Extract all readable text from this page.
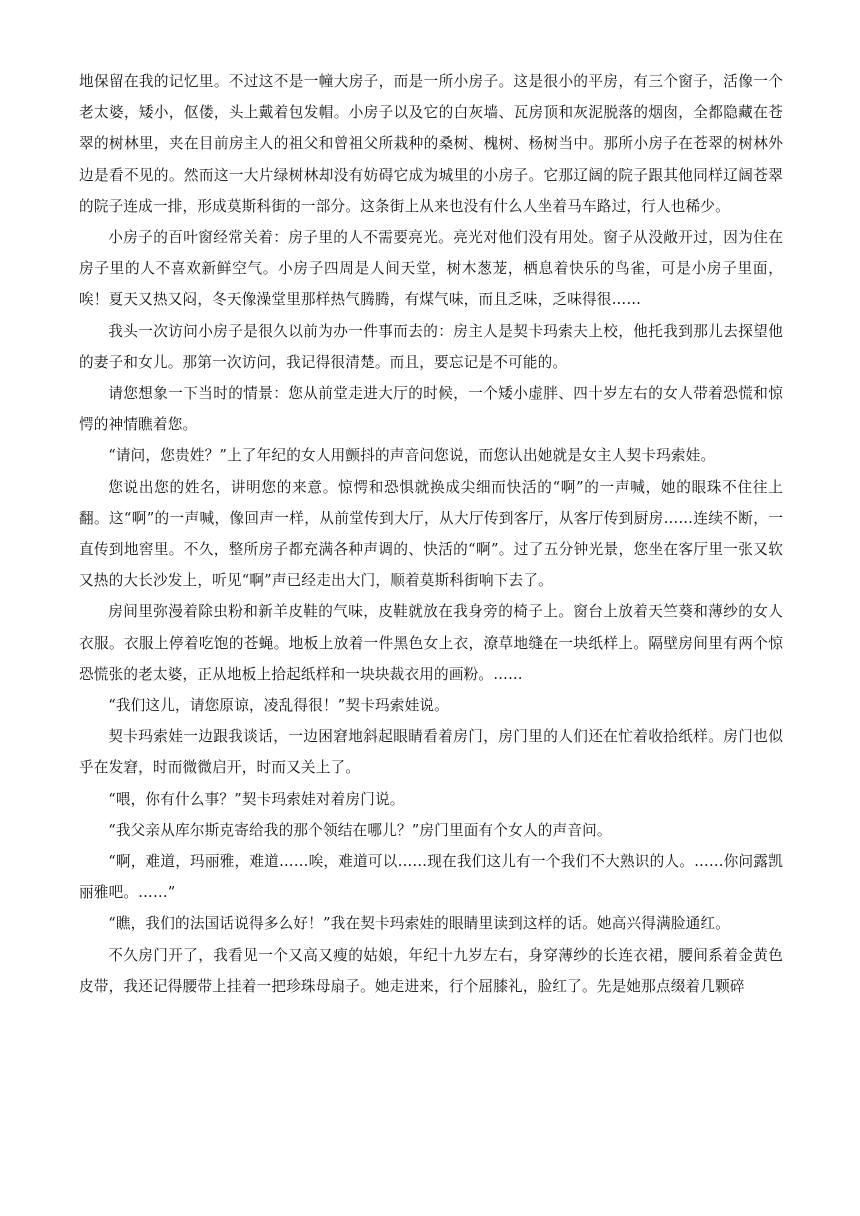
地保留在我的记忆里。不过这不是一幢大房子，而是一所小房子。这是很小的平房，有三个窗子，活像一个老太婆，矮小，伛偻，头上戴着包发帽。小房子以及它的白灰墙、瓦房顶和灰泥脱落的烟囱，全都隐藏在苍翠的树林里，夹在目前房主人的祖父和曾祖父所栽种的桑树、槐树、杨树当中。那所小房子在苍翠的树林外边是看不见的。然而这一大片绿树林却没有妨碍它成为城里的小房子。它那辽阔的院子跟其他同样辽阔苍翠的院子连成一排，形成莫斯科街的一部分。这条街上从来也没有什么人坐着马车路过，行人也稀少。

小房子的百叶窗经常关着：房子里的人不需要亮光。亮光对他们没有用处。窗子从没敞开过，因为住在房子里的人不喜欢新鲜空气。小房子四周是人间天堂，树木葱茏，栖息着快乐的鸟雀，可是小房子里面，唉！夏天又热又闷，冬天像澡堂里那样热气腾腾，有煤气味，而且乏味，乏味得很……

我头一次访问小房子是很久以前为办一件事而去的：房主人是契卡玛索夫上校，他托我到那儿去探望他的妻子和女儿。那第一次访问，我记得很清楚。而且，要忘记是不可能的。

请您想象一下当时的情景：您从前堂走进大厅的时候，一个矮小虚胖、四十岁左右的女人带着恐慌和惊愕的神情瞧着您。

“请问，您贵姓？”上了年纪的女人用颤抖的声音问您说，而您认出她就是女主人契卡玛索娃。

您说出您的姓名，讲明您的来意。惊愕和恐惧就换成尖细而快活的“啊”的一声喊，她的眼珠不住往上翻。这“啊”的一声喊，像回声一样，从前堂传到大厅，从大厅传到客厅，从客厅传到厨房……连续不断，一直传到地窖里。不久，整所房子都充满各种声调的、快活的“啊”。过了五分钟光景，您坐在客厅里一张又软又热的大长沙发上，听见“啊”声已经走出大门，顺着莫斯科街响下去了。

房间里弥漫着除虫粉和新羊皮鞋的气味，皮鞋就放在我身旁的椅子上。窗台上放着天竺葵和薄纱的女人衣服。衣服上停着吃饱的苍蝇。地板上放着一件黑色女上衣，潦草地缝在一块纸样上。隔壁房间里有两个惊恐慌张的老太婆，正从地板上拾起纸样和一块块裁衣用的画粉。……

“我们这儿，请您原谅，凌乱得很！”契卡玛索娃说。

契卡玛索娃一边跟我谈话，一边困窘地斜起眼睛看着房门，房门里的人们还在忙着收拾纸样。房门也似乎在发窘，时而微微启开，时而又关上了。

“喂，你有什么事？”契卡玛索娃对着房门说。

“我父亲从库尔斯克寄给我的那个领结在哪儿？”房门里面有个女人的声音问。

“啊，难道，玛丽雅，难道……唉，难道可以……现在我们这儿有一个我们不大熟识的人。……你问露凯丽雅吧。……”

“瞧，我们的法国话说得多么好！”我在契卡玛索娃的眼睛里读到这样的话。她高兴得满脸通红。

不久房门开了，我看见一个又高又瘦的姑娘，年纪十九岁左右，身穿薄纱的长连衣裙，腰间系着金黄色皮带，我还记得腰带上挂着一把珍珠母扇子。她走进来，行个屈膝礼，脸红了。先是她那点缀着几颗碎
